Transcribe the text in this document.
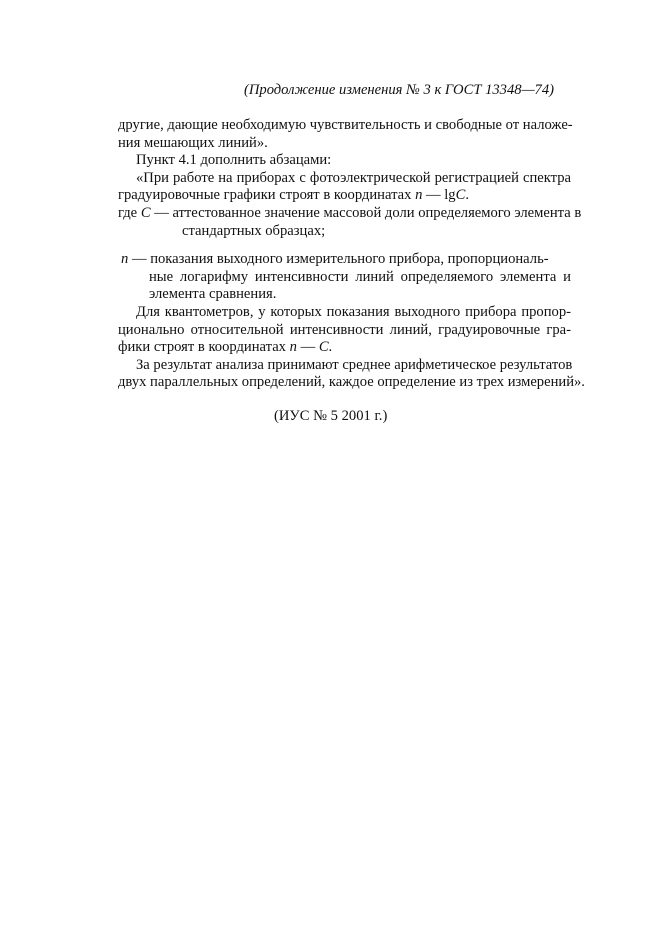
(Продолжение изменения № 3 к ГОСТ 13348—74)
другие, дающие необходимую чувствительность и свободные от наложе-
ния мешающих линий».
Пункт 4.1 дополнить абзацами:
«При работе на приборах с фотоэлектрической регистрацией спектра
градуировочные графики строят в координатах n — lgC.
где C — аттестованное значение массовой доли определяемого элемента в
стандартных образцах;
n — показания выходного измерительного прибора, пропорциональ-
ные логарифму интенсивности линий определяемого элемента и
элемента сравнения.
Для квантометров, у которых показания выходного прибора пропор-
ционально относительной интенсивности линий, градуировочные гра-
фики строят в координатах n — C.
За результат анализа принимают среднее арифметическое результатов
двух параллельных определений, каждое определение из трех измерений».
(ИУС № 5 2001 г.)
